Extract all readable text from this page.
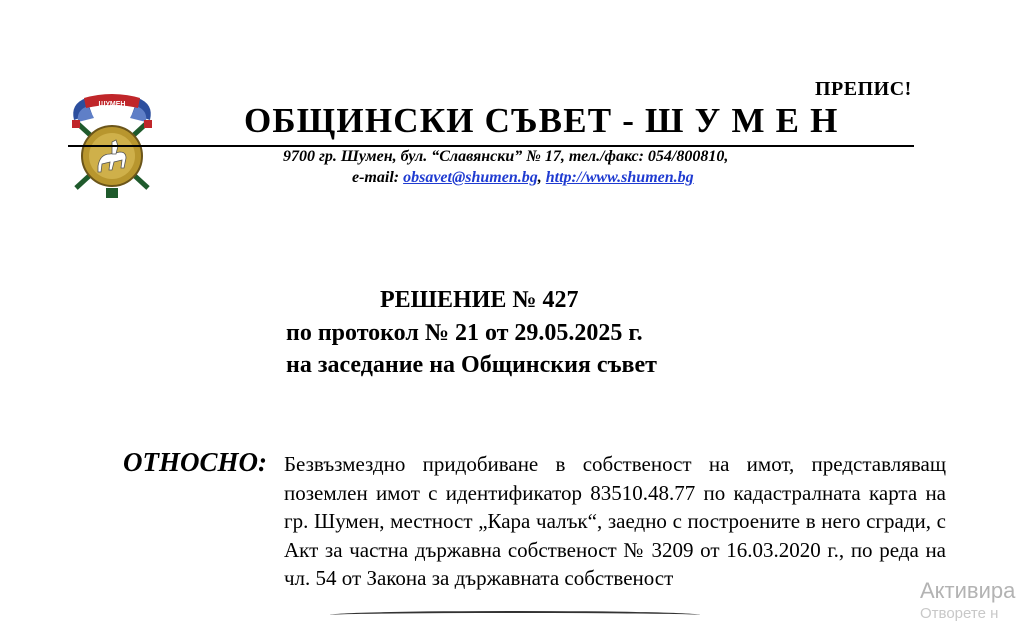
ПРЕПИС!
ШУМЕН	ОБЩИНСКИ СЪВЕТ - Ш У М Е Н
9700 гр. Шумен, бул. “Славянски” № 17, тел./факс: 054/800810,
e-mail: obsavet@shumen.bg, http://www.shumen.bg
РЕШЕНИЕ № 427
по протокол № 21 от 29.05.2025 г.
на заседание на Общинския съвет
ОТНОСНО: Безвъзмездно придобиване в собственост на имот, представляващ поземлен имот с идентификатор 83510.48.77 по кадастралната карта на гр. Шумен, местност „Кара чалък“, заедно с построените в него сгради, с Акт за частна държавна собственост № 3209 от 16.03.2020 г., по реда на чл. 54 от Закона за държавната собственост	Активира
Отворете н
